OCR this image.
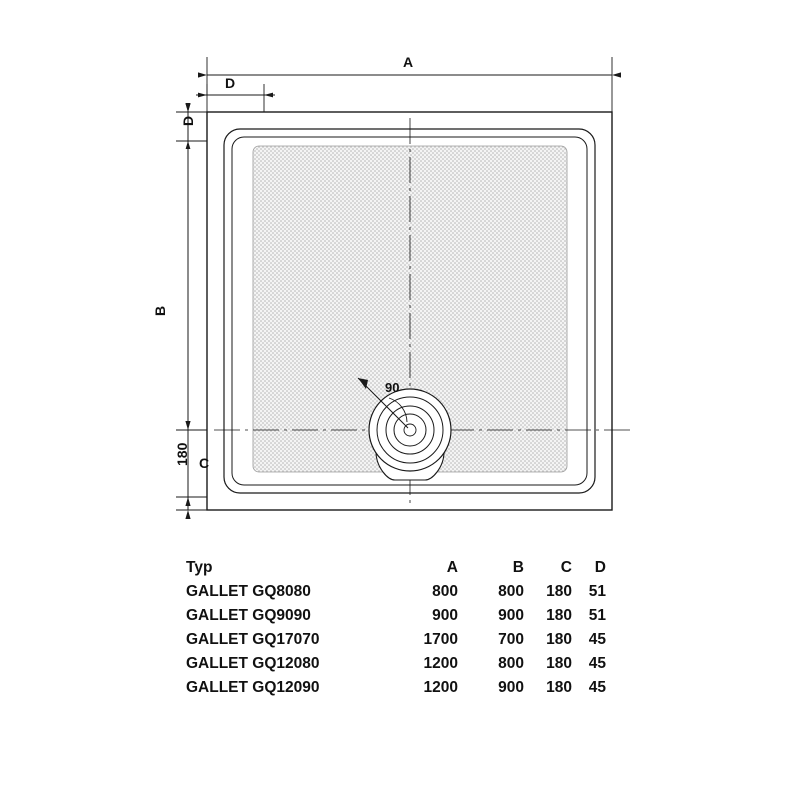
A
D
D
B
180 C
90
Typ	A	B	C	D
GALLET GQ8080	800	800	180	51
GALLET GQ9090	900	900	180	51
GALLET GQ17070	1700	700	180	45
GALLET GQ12080	1200	800	180	45
GALLET GQ12090	1200	900	180	45
